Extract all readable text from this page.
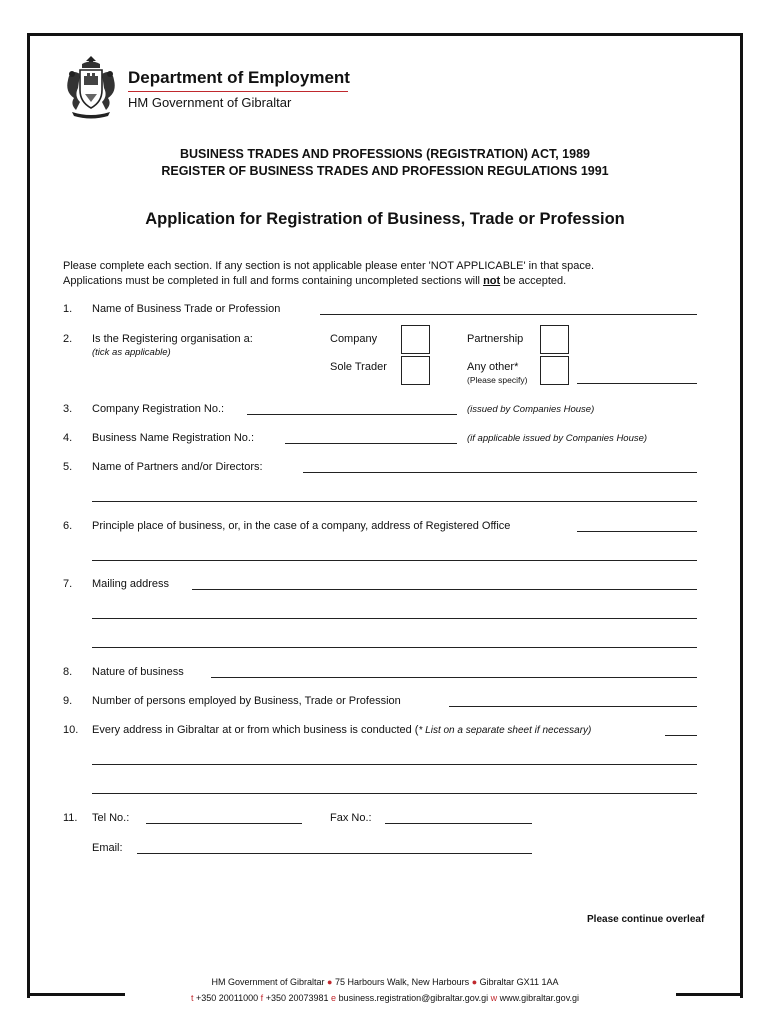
Department of Employment
HM Government of Gibraltar
BUSINESS TRADES AND PROFESSIONS (REGISTRATION) ACT, 1989
REGISTER OF BUSINESS TRADES AND PROFESSION REGULATIONS 1991
Application for Registration of Business, Trade or Profession
Please complete each section. If any section is not applicable please enter 'NOT APPLICABLE' in that space.
Applications must be completed in full and forms containing uncompleted sections will not be accepted.
1. Name of Business Trade or Profession
2. Is the Registering organisation a:
(tick as applicable)
Company	Partnership
Sole Trader	Any other*
(Please specify)
3. Company Registration No.:	(issued by Companies House)
4. Business Name Registration No.:	(if applicable issued by Companies House)
5. Name of Partners and/or Directors:
6. Principle place of business, or, in the case of a company, address of Registered Office
7. Mailing address
8. Nature of business
9. Number of persons employed by Business, Trade or Profession
10. Every address in Gibraltar at or from which business is conducted (* List on a separate sheet if necessary)
11. Tel No.:	Fax No.:
Email:
Please continue overleaf
HM Government of Gibraltar ● 75 Harbours Walk, New Harbours ● Gibraltar GX11 1AA
t +350 20011000 f +350 20073981 e business.registration@gibraltar.gov.gi w www.gibraltar.gov.gi
